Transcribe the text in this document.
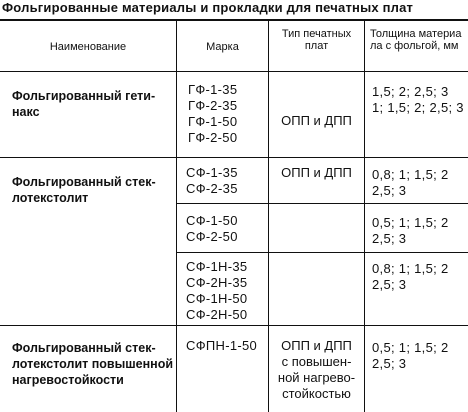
Фольгированные материалы и прокладки для печатных плат
Наименование	Марка
Тип печатных
плат
Толщина материа
ла с фольгой, мм
Фольгированный гети-
накс
ГФ-1-35
ГФ-2-35
ГФ-1-50
ГФ-2-50
ОПП и ДПП
1,5; 2; 2,5; 3
1; 1,5; 2; 2,5; 3
Фольгированный стек-
лотекстолит
ОПП и ДПП
СФ-1-35
СФ-2-35
0,8; 1; 1,5; 2
2,5; 3
СФ-1-50
СФ-2-50
0,5; 1; 1,5; 2
2,5; 3
СФ-1Н-35
СФ-2Н-35
СФ-1Н-50
СФ-2Н-50
0,8; 1; 1,5; 2
2,5; 3
Фольгированный стек-
лотекстолит повышенной
нагревостойкости
СФПН-1-50	ОПП и ДПП
с повышен-
ной нагрево-
стойкостью
0,5; 1; 1,5; 2
2,5; 3
